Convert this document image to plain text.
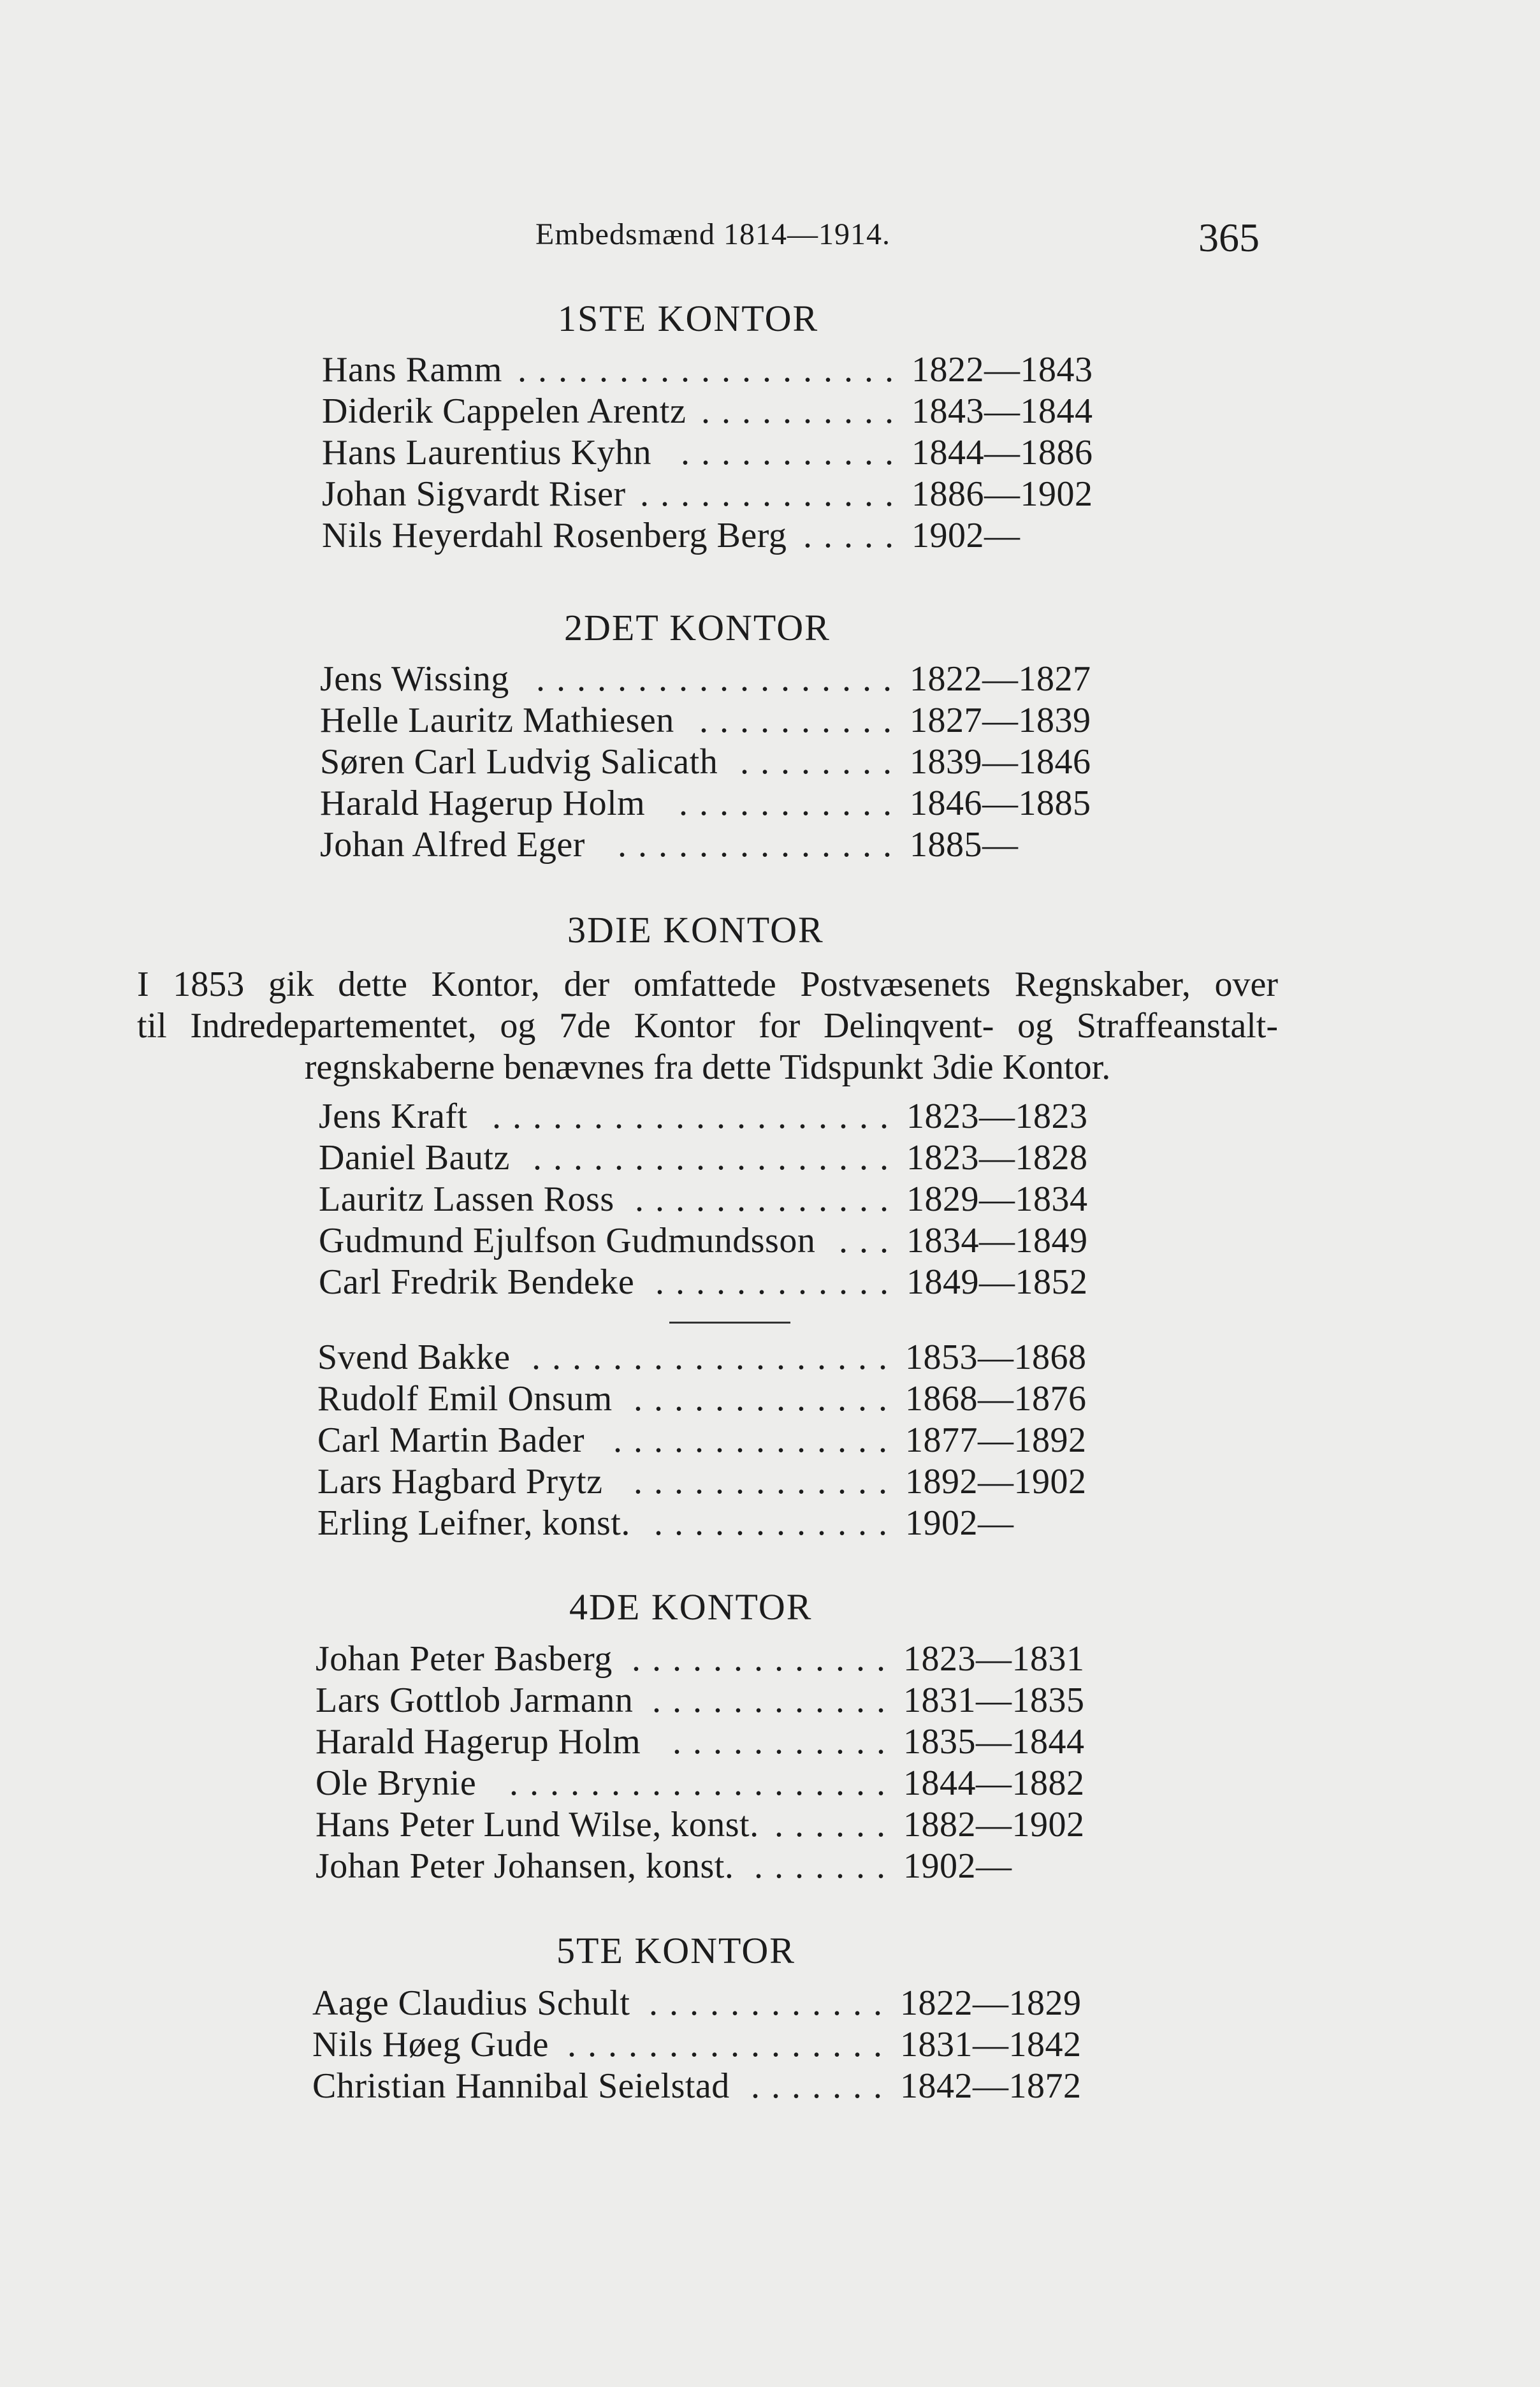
Embedsmænd 1814—1914.	365
1STE KONTOR
...................
Hans Ramm	1822—1843
..........
Diderik Cappelen Arentz	1843—1844
...........
Hans Laurentius Kyhn	1844—1886
.............
Johan Sigvardt Riser	1886—1902
.....
Nils Heyerdahl Rosenberg Berg	1902—
2DET KONTOR
..................
Jens Wissing	1822—1827
..........
Helle Lauritz Mathiesen	1827—1839
........
Søren Carl Ludvig Salicath	1839—1846
...........
Harald Hagerup Holm	1846—1885
..............
Johan Alfred Eger	1885—
3DIE KONTOR
I 1853 gik dette Kontor, der omfattede Postvæsenets Regnskaber, over
til Indredepartementet, og 7de Kontor for Delinqvent- og Straffeanstalt-
regnskaberne benævnes fra dette Tidspunkt 3die Kontor.
....................
Jens Kraft	1823—1823
..................
Daniel Bautz	1823—1828
.............
Lauritz Lassen Ross	1829—1834
...
Gudmund Ejulfson Gudmundsson	1834—1849
............
Carl Fredrik Bendeke	1849—1852
..................
Svend Bakke	1853—1868
.............
Rudolf Emil Onsum	1868—1876
..............
Carl Martin Bader	1877—1892
.............
Lars Hagbard Prytz	1892—1902
............
Erling Leifner, konst.	1902—
4DE KONTOR
.............
Johan Peter Basberg	1823—1831
............
Lars Gottlob Jarmann	1831—1835
...........
Harald Hagerup Holm	1835—1844
...................
Ole Brynie	1844—1882
......
Hans Peter Lund Wilse, konst.	1882—1902
.......
Johan Peter Johansen, konst.	1902—
5TE KONTOR
............
Aage Claudius Schult	1822—1829
................
Nils Høeg Gude	1831—1842
.......
Christian Hannibal Seielstad	1842—1872
